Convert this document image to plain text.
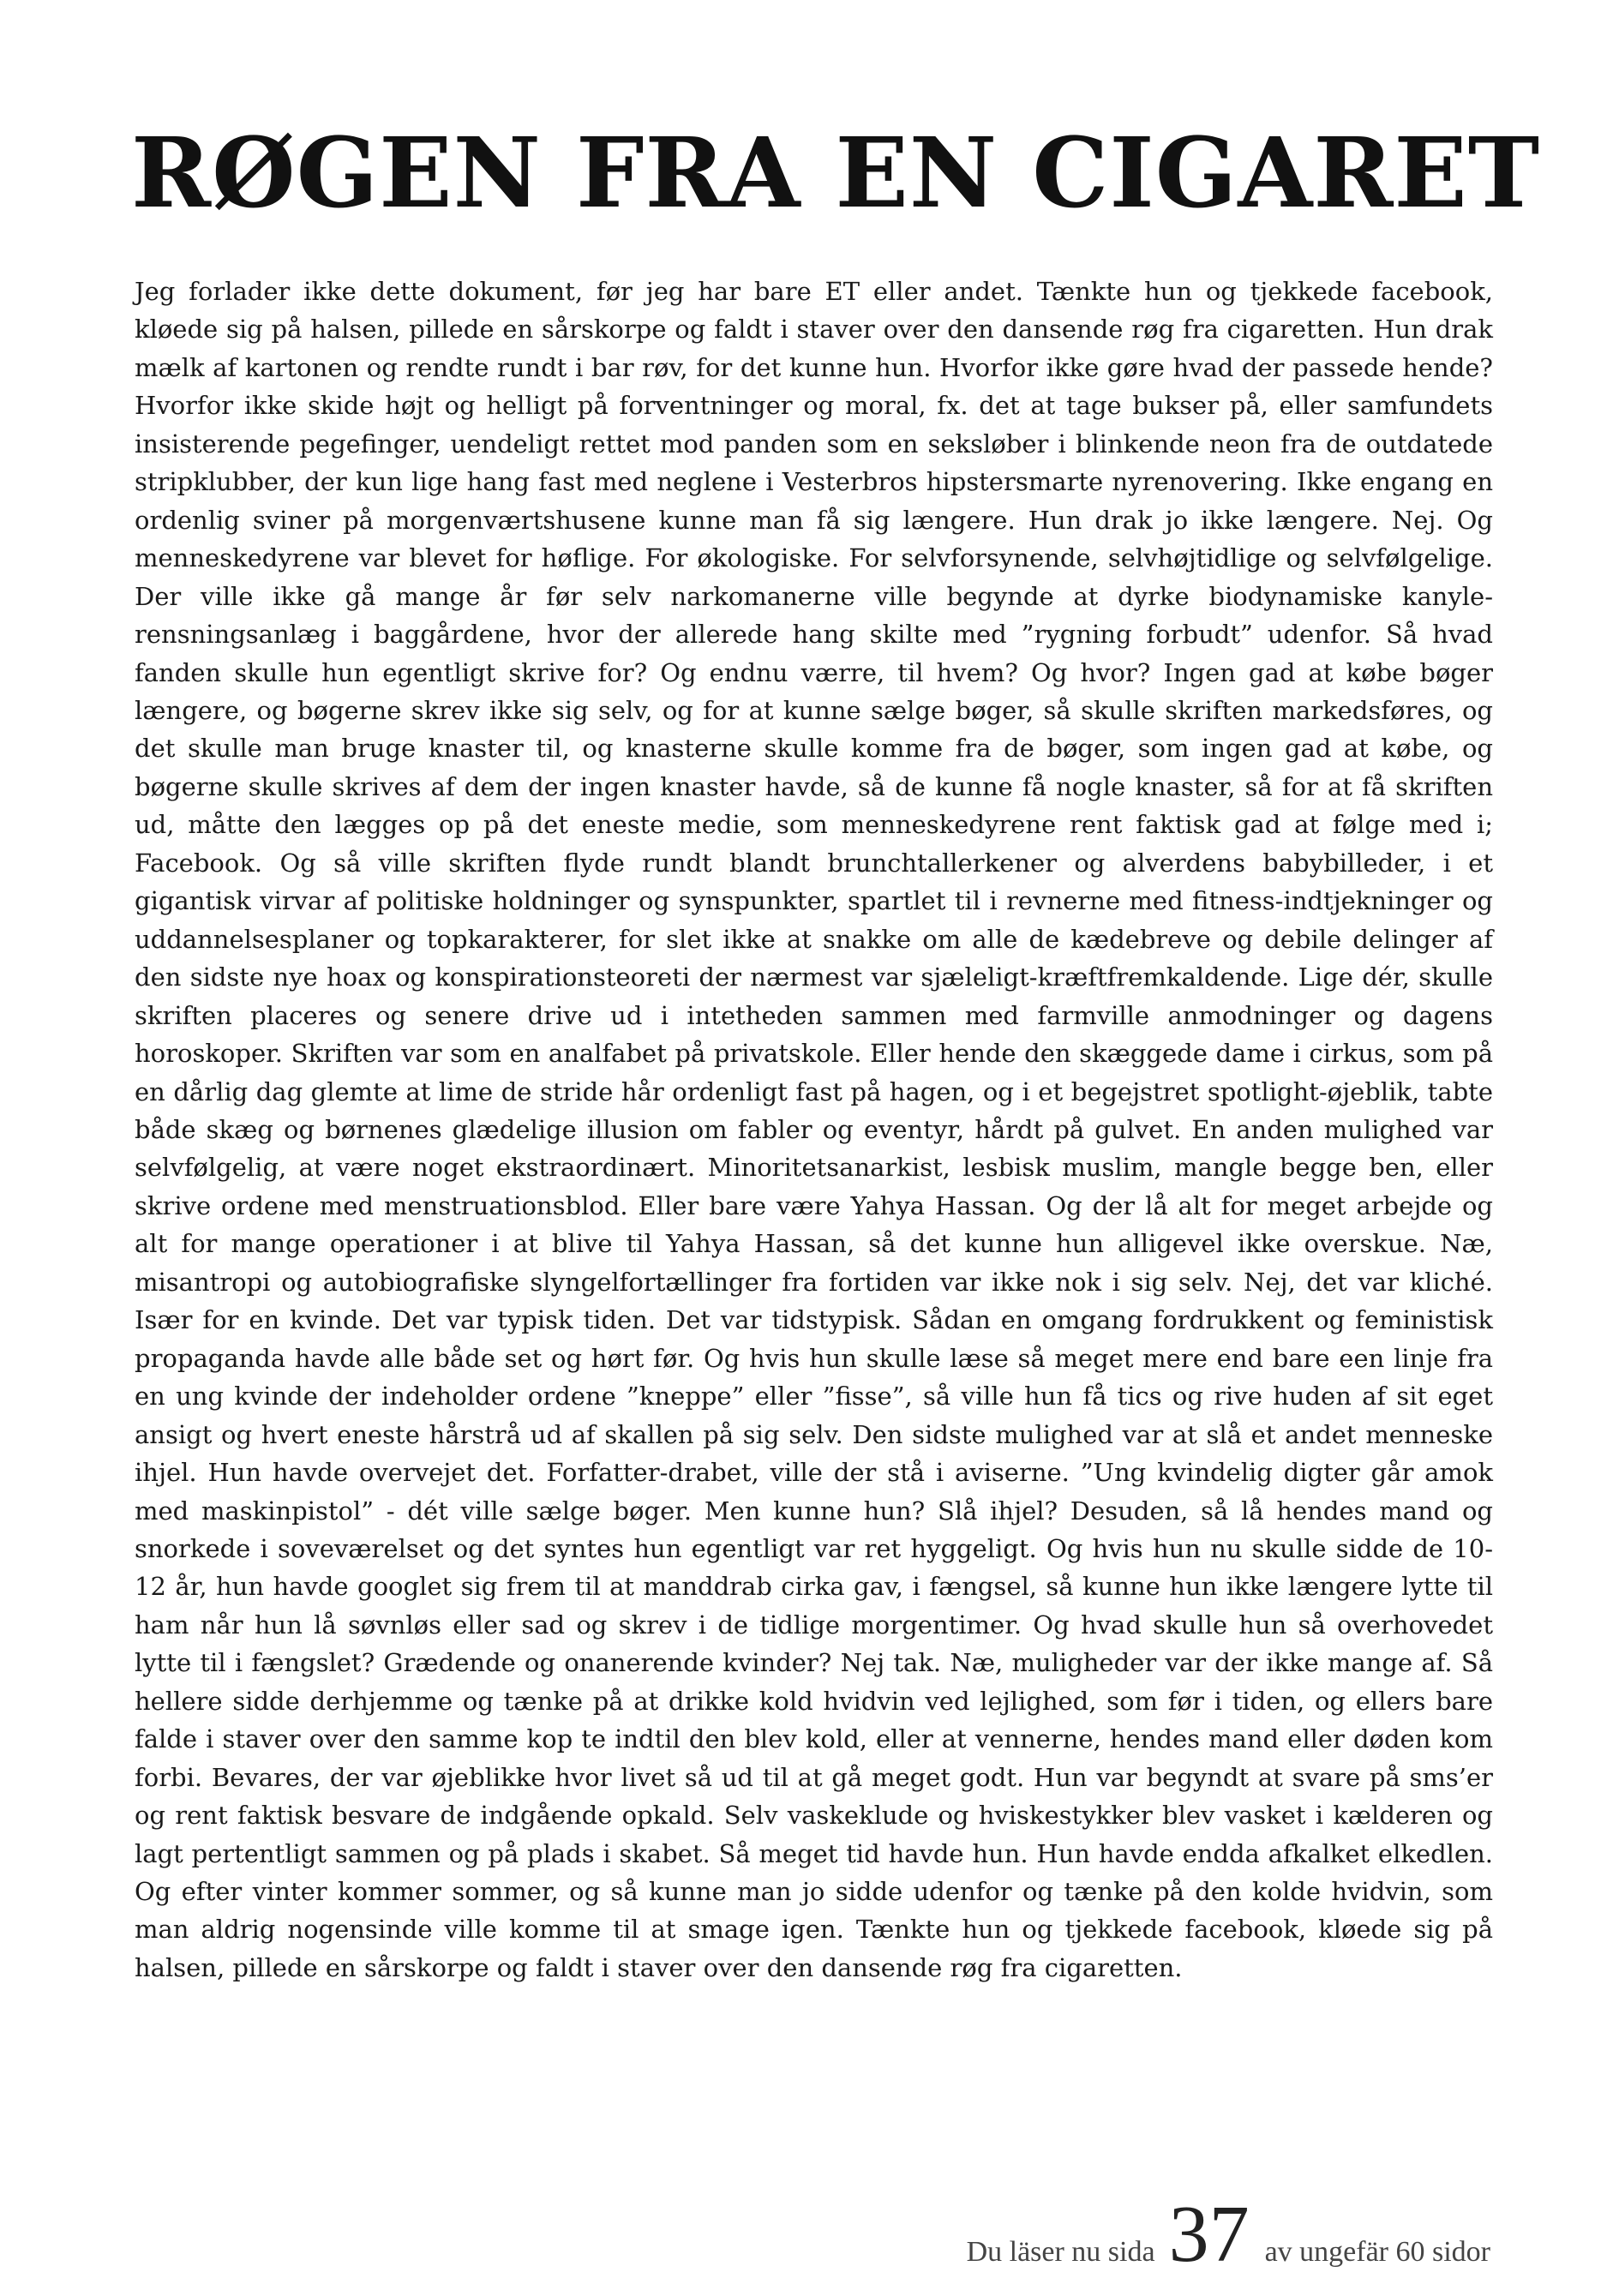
RØGEN FRA EN CIGARET

Jeg forlader ikke dette dokument, før jeg har bare ET eller andet. Tænkte hun og tjekkede facebook, kløede sig på halsen, pillede en sårskorpe og faldt i staver over den dansende røg fra cigaretten. Hun drak mælk af kartonen og rendte rundt i bar røv, for det kunne hun. Hvorfor ikke gøre hvad der passede hende? Hvorfor ikke skide højt og helligt på forventninger og moral, fx. det at tage bukser på, eller samfundets insisterende pegefinger, uendeligt rettet mod panden som en seksløber i blinkende neon fra de outdatede stripklubber, der kun lige hang fast med neglene i Vesterbros hipstersmarte nyrenovering. Ikke engang en ordenlig sviner på morgenværtshusene kunne man få sig længere. Hun drak jo ikke længere. Nej. Og menneskedyrene var blevet for høflige. For økologiske. For selvforsynende, selvhøjtidlige og selvfølgelige. Der ville ikke gå mange år før selv narkomanerne ville begynde at dyrke biodynamiske kanylerensningsanlæg i baggårdene, hvor der allerede hang skilte med ”rygning forbudt” udenfor. Så hvad fanden skulle hun egentligt skrive for? Og endnu værre, til hvem? Og hvor? Ingen gad at købe bøger længere, og bøgerne skrev ikke sig selv, og for at kunne sælge bøger, så skulle skriften markedsføres, og det skulle man bruge knaster til, og knasterne skulle komme fra de bøger, som ingen gad at købe, og bøgerne skulle skrives af dem der ingen knaster havde, så de kunne få nogle knaster, så for at få skriften ud, måtte den lægges op på det eneste medie, som menneskedyrene rent faktisk gad at følge med i; Facebook. Og så ville skriften flyde rundt blandt brunchtallerkener og alverdens babybilleder, i et gigantisk virvar af politiske holdninger og synspunkter, spartlet til i revnerne med fitness-indtjekninger og uddannelsesplaner og topkarakterer, for slet ikke at snakke om alle de kædebreve og debile delinger af den sidste nye hoax og konspirationsteoreti der nærmest var sjæleligt-kræftfremkaldende. Lige dér, skulle skriften placeres og senere drive ud i intetheden sammen med farmville anmodninger og dagens horoskoper. Skriften var som en analfabet på privatskole. Eller hende den skæggede dame i cirkus, som på en dårlig dag glemte at lime de stride hår ordenligt fast på hagen, og i et begejstret spotlight-øjeblik, tabte både skæg og børnenes glædelige illusion om fabler og eventyr, hårdt på gulvet. En anden mulighed var selvfølgelig, at være noget ekstraordinært. Minoritetsanarkist, lesbisk muslim, mangle begge ben, eller skrive ordene med menstruationsblod. Eller bare være Yahya Hassan. Og der lå alt for meget arbejde og alt for mange operationer i at blive til Yahya Hassan, så det kunne hun alligevel ikke overskue. Næ, misantropi og autobiografiske slyngelfortællinger fra fortiden var ikke nok i sig selv. Nej, det var kliché. Især for en kvinde. Det var typisk tiden. Det var tidstypisk. Sådan en omgang fordrukkent og feministisk propaganda havde alle både set og hørt før. Og hvis hun skulle læse så meget mere end bare een linje fra en ung kvinde der indeholder ordene ”kneppe” eller ”fisse”, så ville hun få tics og rive huden af sit eget ansigt og hvert eneste hårstrå ud af skallen på sig selv. Den sidste mulighed var at slå et andet menneske ihjel. Hun havde overvejet det. Forfatter-drabet, ville der stå i aviserne. ”Ung kvindelig digter går amok med maskinpistol” - dét ville sælge bøger. Men kunne hun? Slå ihjel? Desuden, så lå hendes mand og snorkede i soveværelset og det syntes hun egentligt var ret hyggeligt. Og hvis hun nu skulle sidde de 10-12 år, hun havde googlet sig frem til at manddrab cirka gav, i fængsel, så kunne hun ikke længere lytte til ham når hun lå søvnløs eller sad og skrev i de tidlige morgentimer. Og hvad skulle hun så overhovedet lytte til i fængslet? Grædende og onanerende kvinder? Nej tak. Næ, muligheder var der ikke mange af. Så hellere sidde derhjemme og tænke på at drikke kold hvidvin ved lejlighed, som før i tiden, og ellers bare falde i staver over den samme kop te indtil den blev kold, eller at vennerne, hendes mand eller døden kom forbi. Bevares, der var øjeblikke hvor livet så ud til at gå meget godt. Hun var begyndt at svare på sms’er og rent faktisk besvare de indgående opkald. Selv vaskeklude og hviskestykker blev vasket i kælderen og lagt pertentligt sammen og på plads i skabet. Så meget tid havde hun. Hun havde endda afkalket elkedlen. Og efter vinter kommer sommer, og så kunne man jo sidde udenfor og tænke på den kolde hvidvin, som man aldrig nogensinde ville komme til at smage igen. Tænkte hun og tjekkede facebook, kløede sig på halsen, pillede en sårskorpe og faldt i staver over den dansende røg fra cigaretten.

Du läser nu sida 37 av ungefär 60 sidor
